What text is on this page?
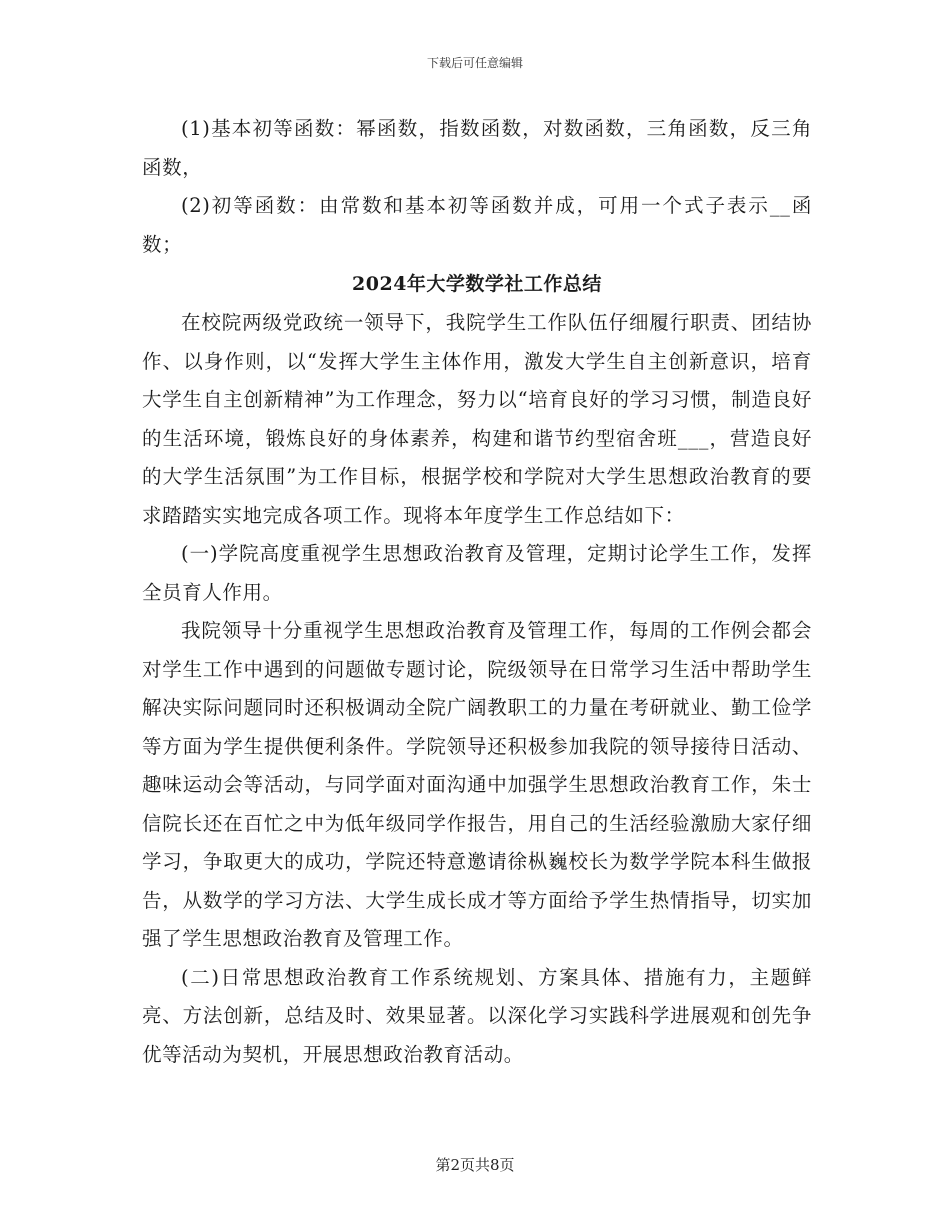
下载后可任意编辑

(1)基本初等函数：幂函数，指数函数，对数函数，三角函数，反三角函数，

(2)初等函数：由常数和基本初等函数并成，可用一个式子表示__函数；

2024年大学数学社工作总结

在校院两级党政统一领导下，我院学生工作队伍仔细履行职责、团结协作、以身作则，以“发挥大学生主体作用，激发大学生自主创新意识，培育大学生自主创新精神”为工作理念，努力以“培育良好的学习习惯，制造良好的生活环境，锻炼良好的身体素养，构建和谐节约型宿舍班___，营造良好的大学生活氛围”为工作目标，根据学校和学院对大学生思想政治教育的要求踏踏实实地完成各项工作。现将本年度学生工作总结如下：

(一)学院高度重视学生思想政治教育及管理，定期讨论学生工作，发挥全员育人作用。

我院领导十分重视学生思想政治教育及管理工作，每周的工作例会都会对学生工作中遇到的问题做专题讨论，院级领导在日常学习生活中帮助学生解决实际问题同时还积极调动全院广阔教职工的力量在考研就业、勤工俭学等方面为学生提供便利条件。学院领导还积极参加我院的领导接待日活动、趣味运动会等活动，与同学面对面沟通中加强学生思想政治教育工作，朱士信院长还在百忙之中为低年级同学作报告，用自己的生活经验激励大家仔细学习，争取更大的成功，学院还特意邀请徐枞巍校长为数学学院本科生做报告，从数学的学习方法、大学生成长成才等方面给予学生热情指导，切实加强了学生思想政治教育及管理工作。

(二)日常思想政治教育工作系统规划、方案具体、措施有力，主题鲜亮、方法创新，总结及时、效果显著。以深化学习实践科学进展观和创先争优等活动为契机，开展思想政治教育活动。

第2页共8页
